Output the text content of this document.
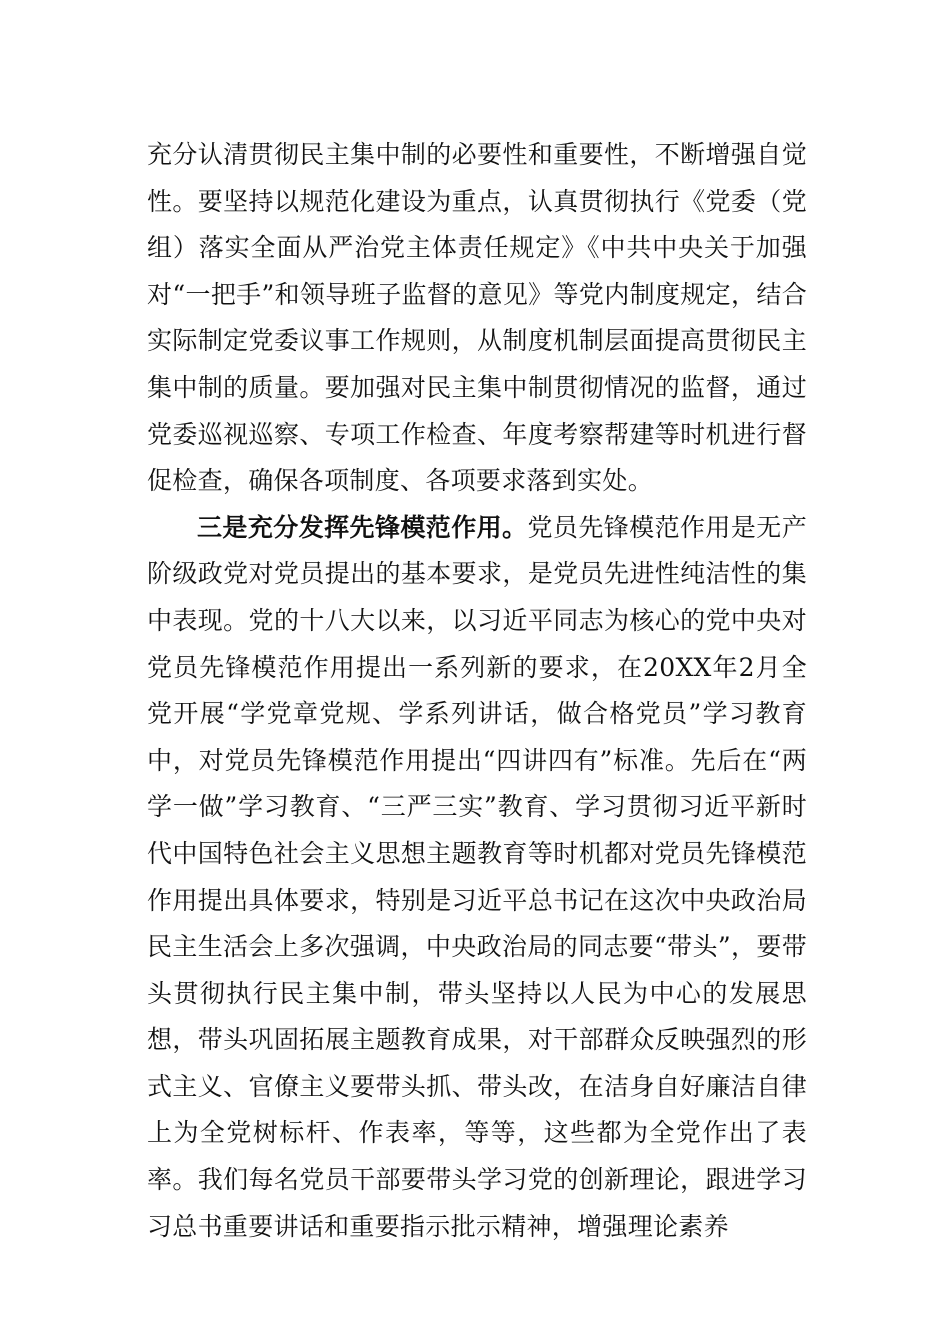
充分认清贯彻民主集中制的必要性和重要性，不断增强自觉性。要坚持以规范化建设为重点，认真贯彻执行《党委（党组）落实全面从严治党主体责任规定》《中共中央关于加强对“一把手”和领导班子监督的意见》等党内制度规定，结合实际制定党委议事工作规则，从制度机制层面提高贯彻民主集中制的质量。要加强对民主集中制贯彻情况的监督，通过党委巡视巡察、专项工作检查、年度考察帮建等时机进行督促检查，确保各项制度、各项要求落到实处。

三是充分发挥先锋模范作用。党员先锋模范作用是无产阶级政党对党员提出的基本要求，是党员先进性纯洁性的集中表现。党的十八大以来，以习近平同志为核心的党中央对党员先锋模范作用提出一系列新的要求，在20XX年2月全党开展“学党章党规、学系列讲话，做合格党员”学习教育中，对党员先锋模范作用提出“四讲四有”标准。先后在“两学一做”学习教育、“三严三实”教育、学习贯彻习近平新时代中国特色社会主义思想主题教育等时机都对党员先锋模范作用提出具体要求，特别是习近平总书记在这次中央政治局民主生活会上多次强调，中央政治局的同志要“带头”，要带头贯彻执行民主集中制，带头坚持以人民为中心的发展思想，带头巩固拓展主题教育成果，对干部群众反映强烈的形式主义、官僚主义要带头抓、带头改，在洁身自好廉洁自律上为全党树标杆、作表率，等等，这些都为全党作出了表率。我们每名党员干部要带头学习党的创新理论，跟进学习习总书重要讲话和重要指示批示精神，增强理论素养
